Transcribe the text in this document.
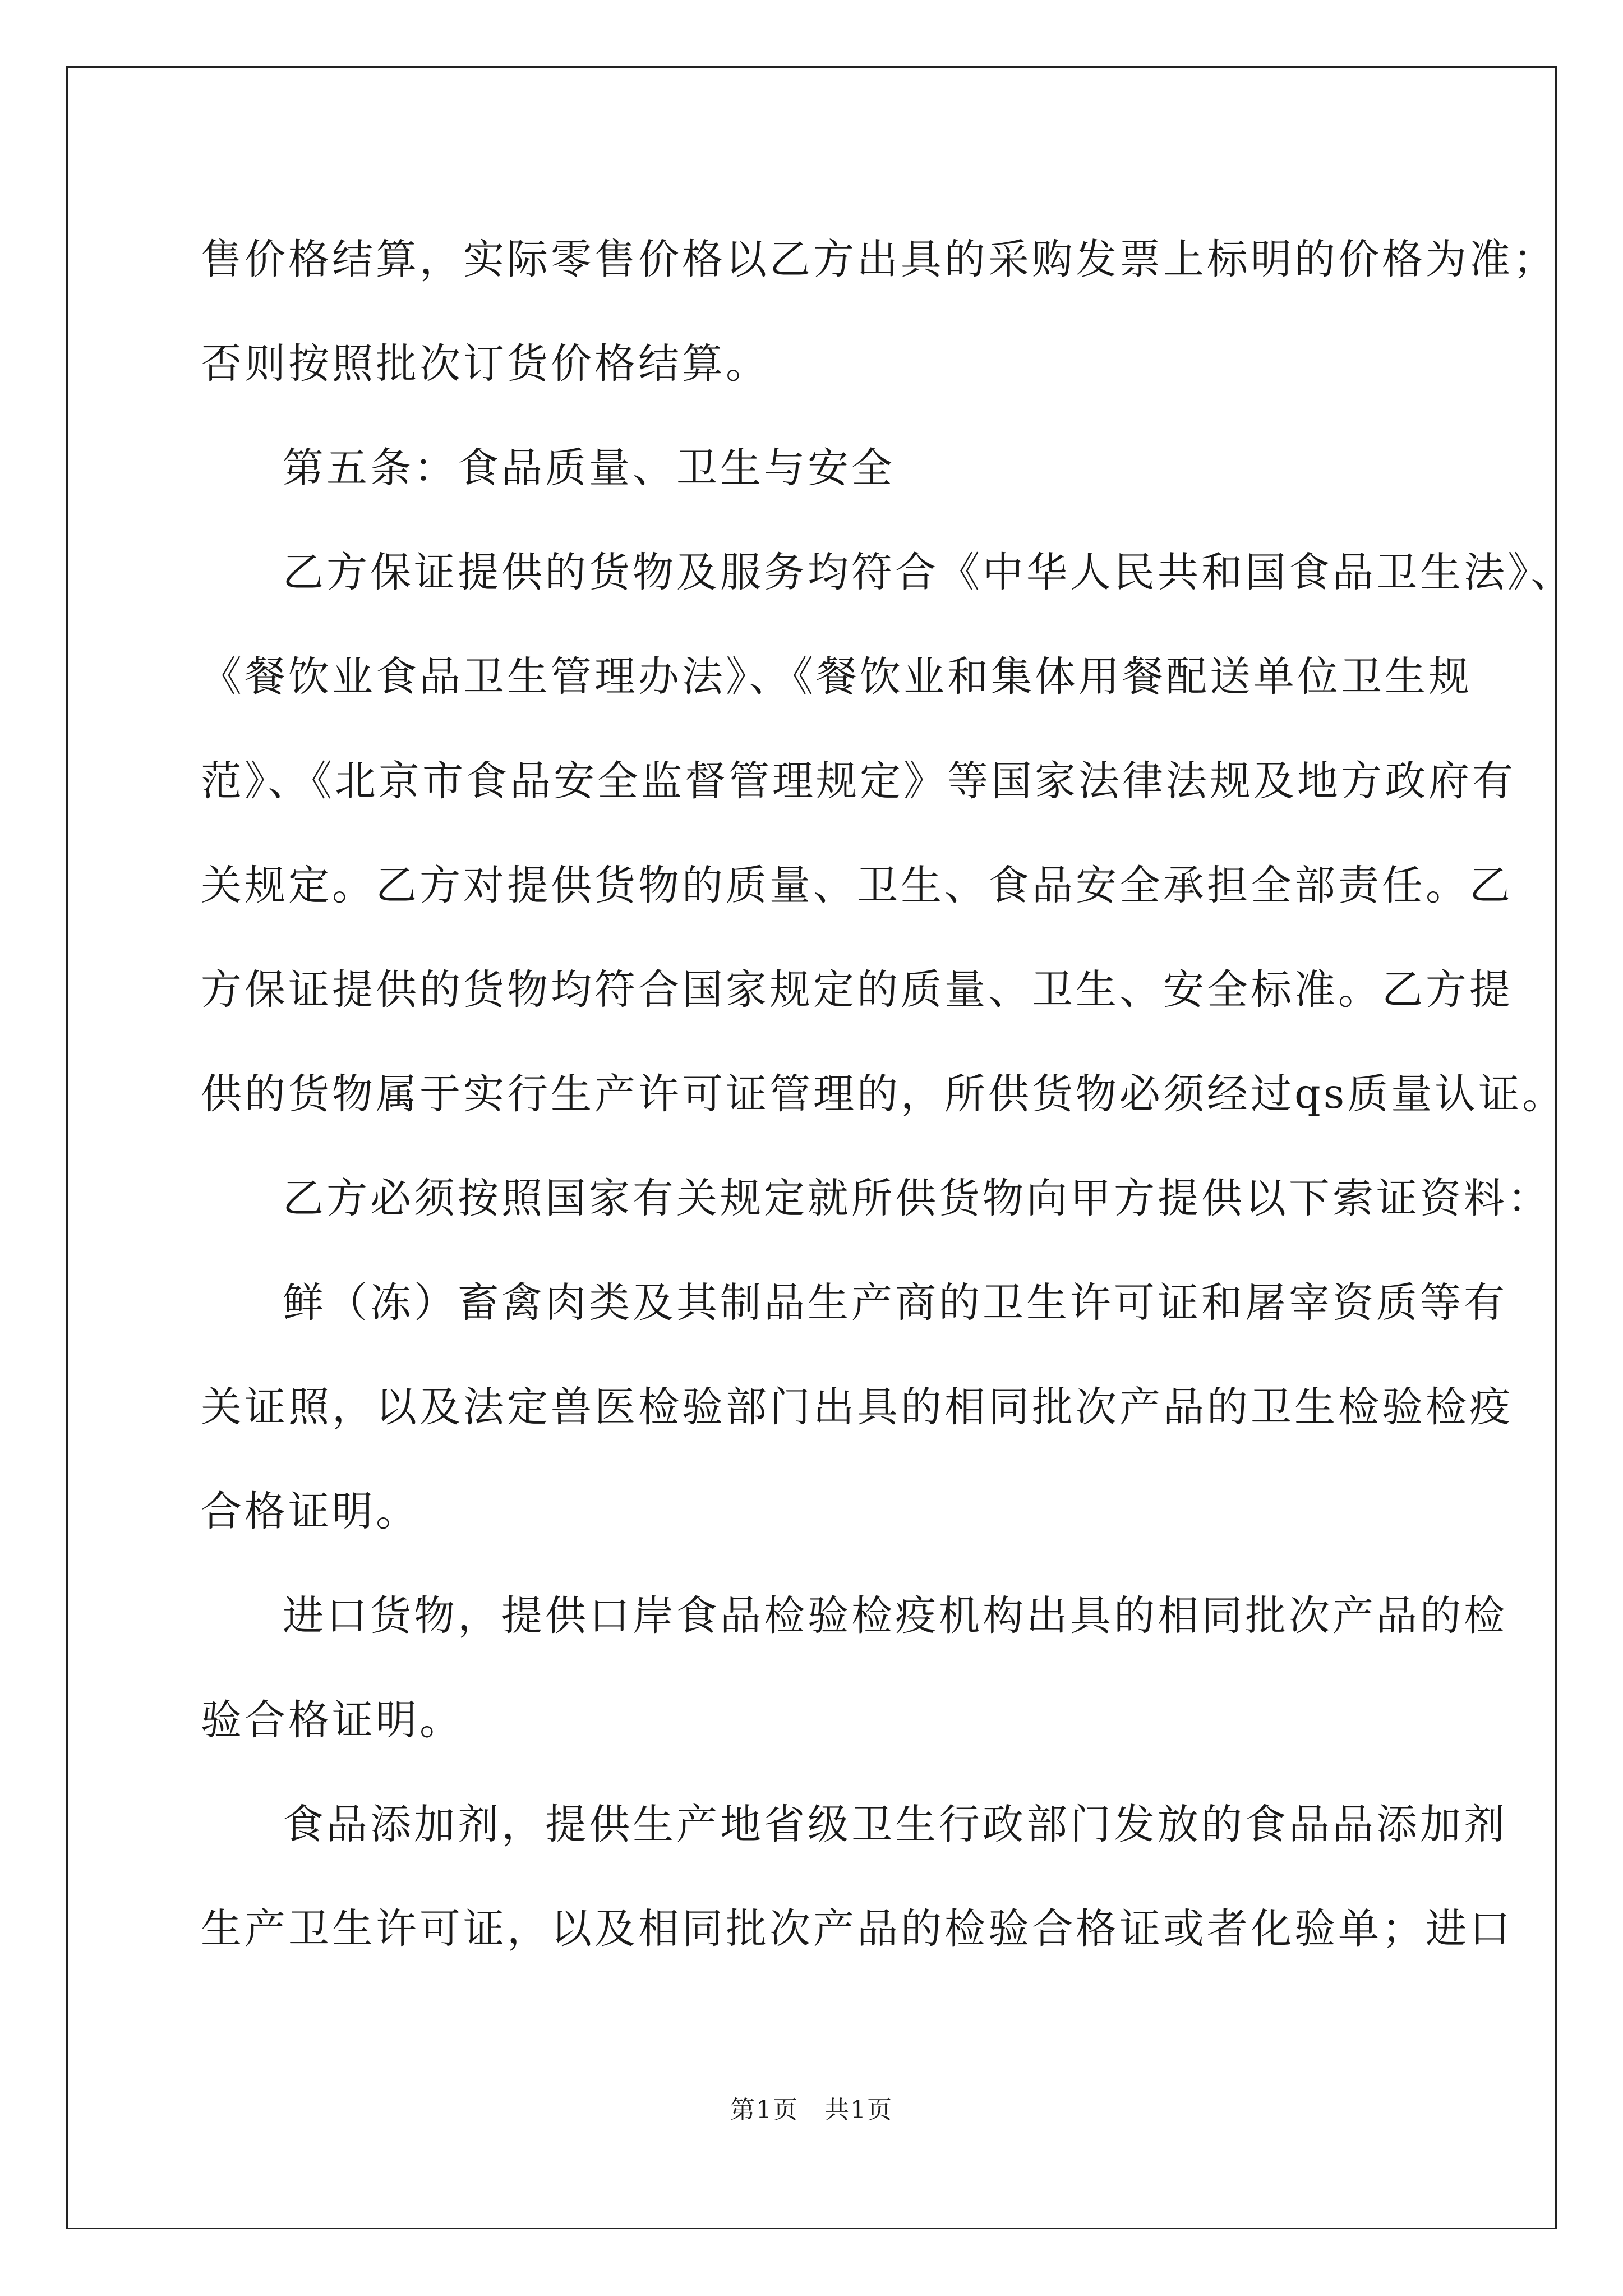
售价格结算，实际零售价格以乙方出具的采购发票上标明的价格为准；
否则按照批次订货价格结算。
第五条：食品质量、卫生与安全
乙方保证提供的货物及服务均符合《中华人民共和国食品卫生法》、
《餐饮业食品卫生管理办法》、《餐饮业和集体用餐配送单位卫生规
范》、《北京市食品安全监督管理规定》等国家法律法规及地方政府有
关规定。乙方对提供货物的质量、卫生、食品安全承担全部责任。乙
方保证提供的货物均符合国家规定的质量、卫生、安全标准。乙方提
供的货物属于实行生产许可证管理的，所供货物必须经过qs质量认证。
乙方必须按照国家有关规定就所供货物向甲方提供以下索证资料：
鲜（冻）畜禽肉类及其制品生产商的卫生许可证和屠宰资质等有
关证照，以及法定兽医检验部门出具的相同批次产品的卫生检验检疫
合格证明。
进口货物，提供口岸食品检验检疫机构出具的相同批次产品的检
验合格证明。
食品添加剂，提供生产地省级卫生行政部门发放的食品品添加剂
生产卫生许可证，以及相同批次产品的检验合格证或者化验单；进口
第1页 共1页
